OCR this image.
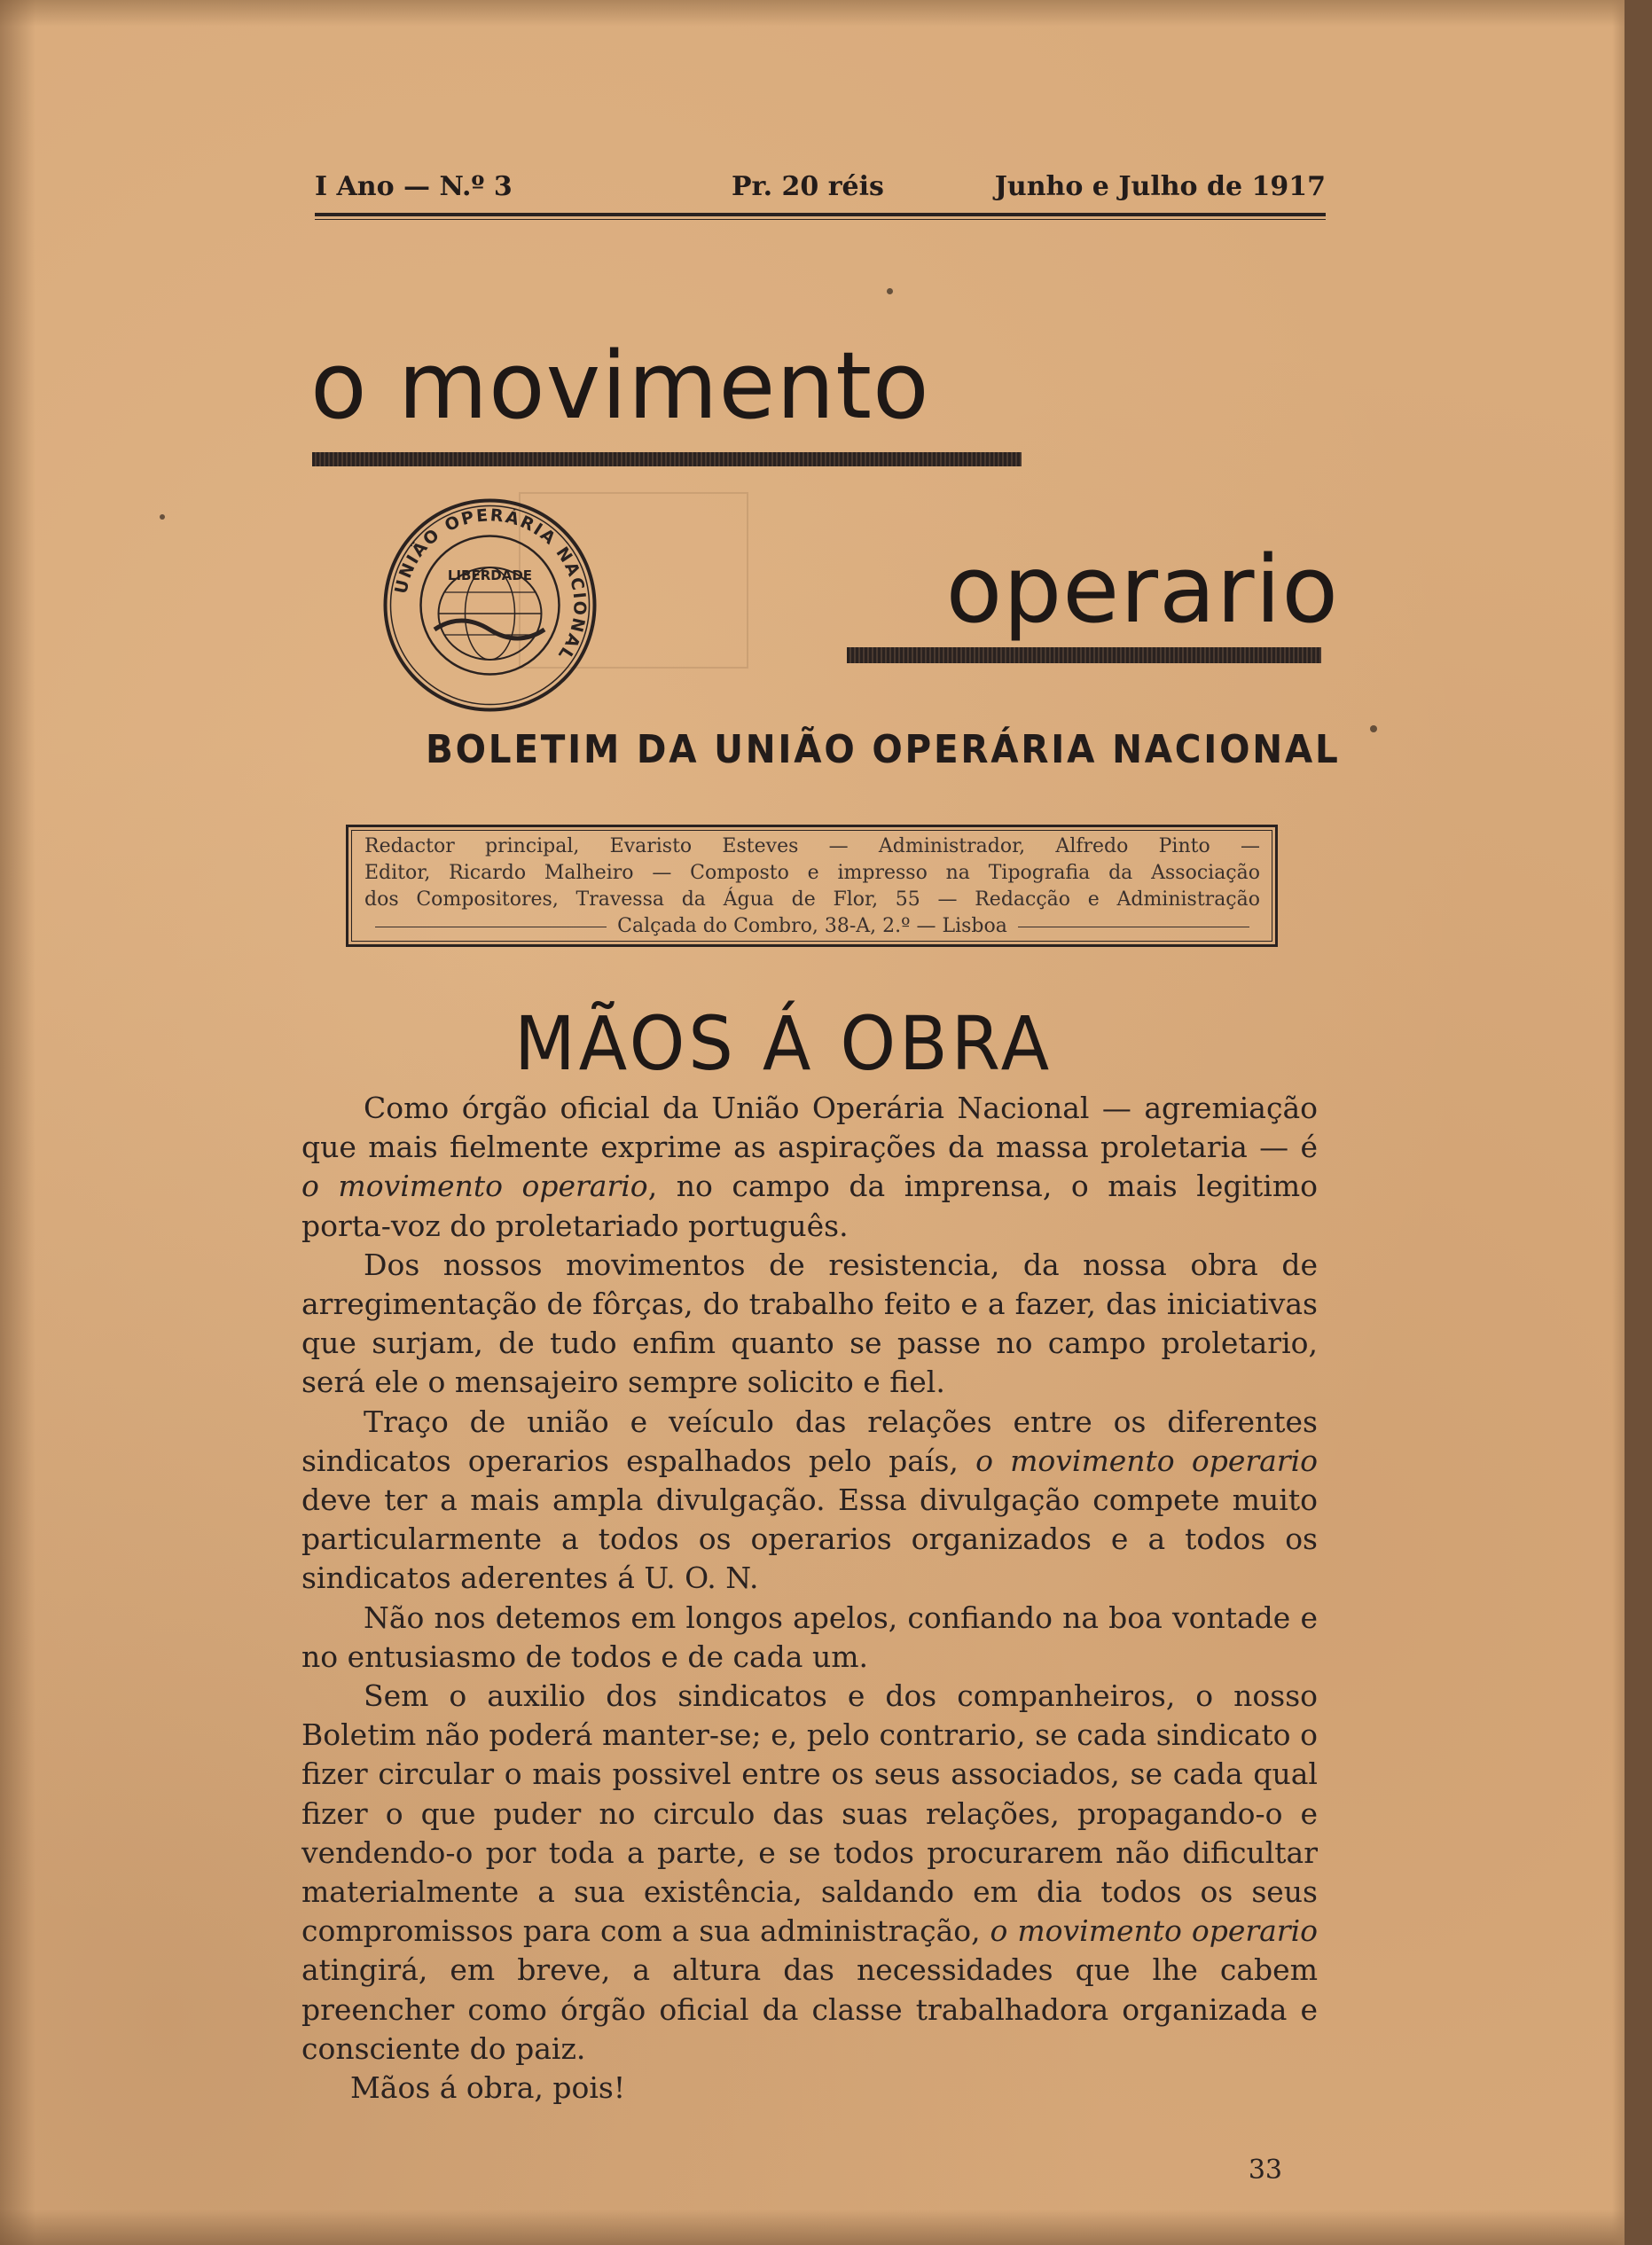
I Ano — N.º 3	Pr. 20 réis	Junho e Julho de 1917
o movimento
UNIÃO OPERÁRIA NACIONAL
LIBERDADE	operario
BOLETIM DA UNIÃO OPERÁRIA NACIONAL
Redactor principal, Evaristo Esteves — Administrador, Alfredo Pinto —
Editor, Ricardo Malheiro — Composto e impresso na Tipografia da Associação
dos Compositores, Travessa da Água de Flor, 55 — Redacção e Administração
Calçada do Combro, 38-A, 2.º — Lisboa
MÃOS Á OBRA

Como órgão oficial da União Operária Nacional — agremiação que mais fielmente exprime as aspirações da massa proletaria — é o movimento operario, no campo da imprensa, o mais legitimo porta-voz do proletariado português.

Dos nossos movimentos de resistencia, da nossa obra de arregimentação de fôrças, do trabalho feito e a fazer, das iniciativas que surjam, de tudo enfim quanto se passe no campo proletario, será ele o mensajeiro sempre solicito e fiel.

Traço de união e veículo das relações entre os diferentes sindicatos operarios espalhados pelo país, o movimento operario deve ter a mais ampla divulgação. Essa divulgação compete muito particularmente a todos os operarios organizados e a todos os sindicatos aderentes á U. O. N.

Não nos detemos em longos apelos, confiando na boa vontade e no entusiasmo de todos e de cada um.

Sem o auxilio dos sindicatos e dos companheiros, o nosso Boletim não poderá manter-se; e, pelo contrario, se cada sindicato o fizer circular o mais possivel entre os seus associados, se cada qual fizer o que puder no circulo das suas relações, propagando-o e vendendo-o por toda a parte, e se todos procurarem não dificultar materialmente a sua existência, saldando em dia todos os seus compromissos para com a sua administração, o movimento operario atingirá, em breve, a altura das necessidades que lhe cabem preencher como órgão oficial da classe trabalhadora organizada e consciente do paiz.

Mãos á obra, pois!

33
